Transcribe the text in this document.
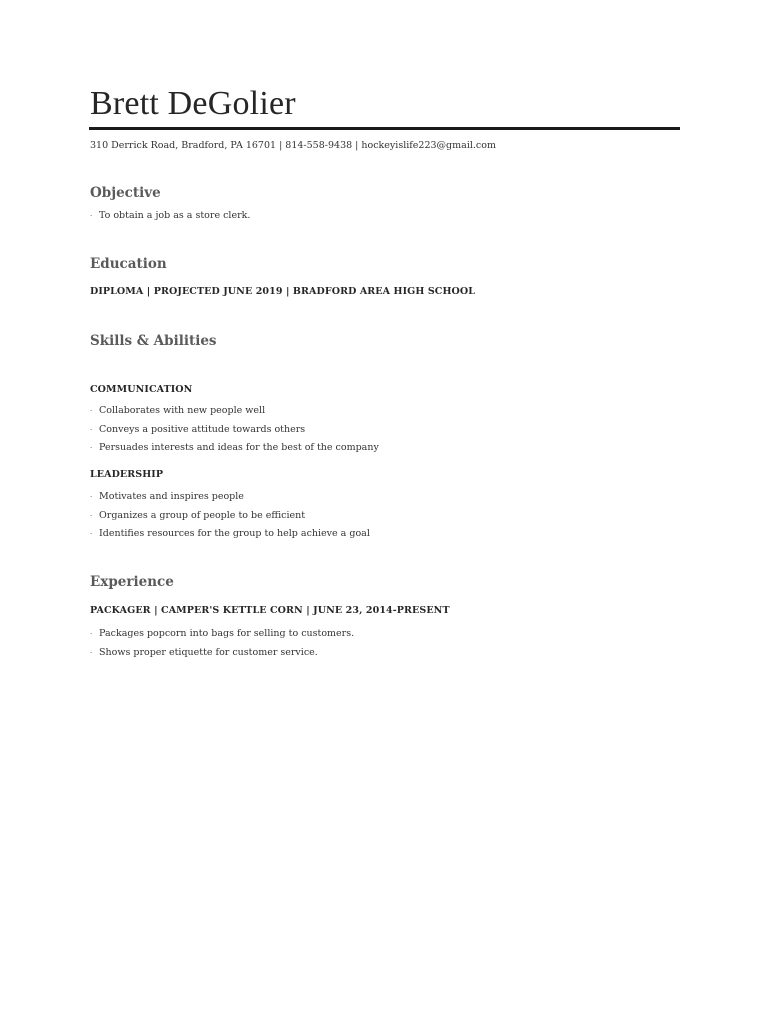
Brett DeGolier
310 Derrick Road, Bradford, PA 16701 | 814-558-9438 | hockeyislife223@gmail.com
Objective
· To obtain a job as a store clerk.
Education
DIPLOMA | PROJECTED JUNE 2019 | BRADFORD AREA HIGH SCHOOL
Skills & Abilities
COMMUNICATION
· Collaborates with new people well
· Conveys a positive attitude towards others
· Persuades interests and ideas for the best of the company
LEADERSHIP
· Motivates and inspires people
· Organizes a group of people to be efficient
· Identifies resources for the group to help achieve a goal
Experience
PACKAGER | CAMPER'S KETTLE CORN | JUNE 23, 2014-PRESENT
· Packages popcorn into bags for selling to customers.
· Shows proper etiquette for customer service.
